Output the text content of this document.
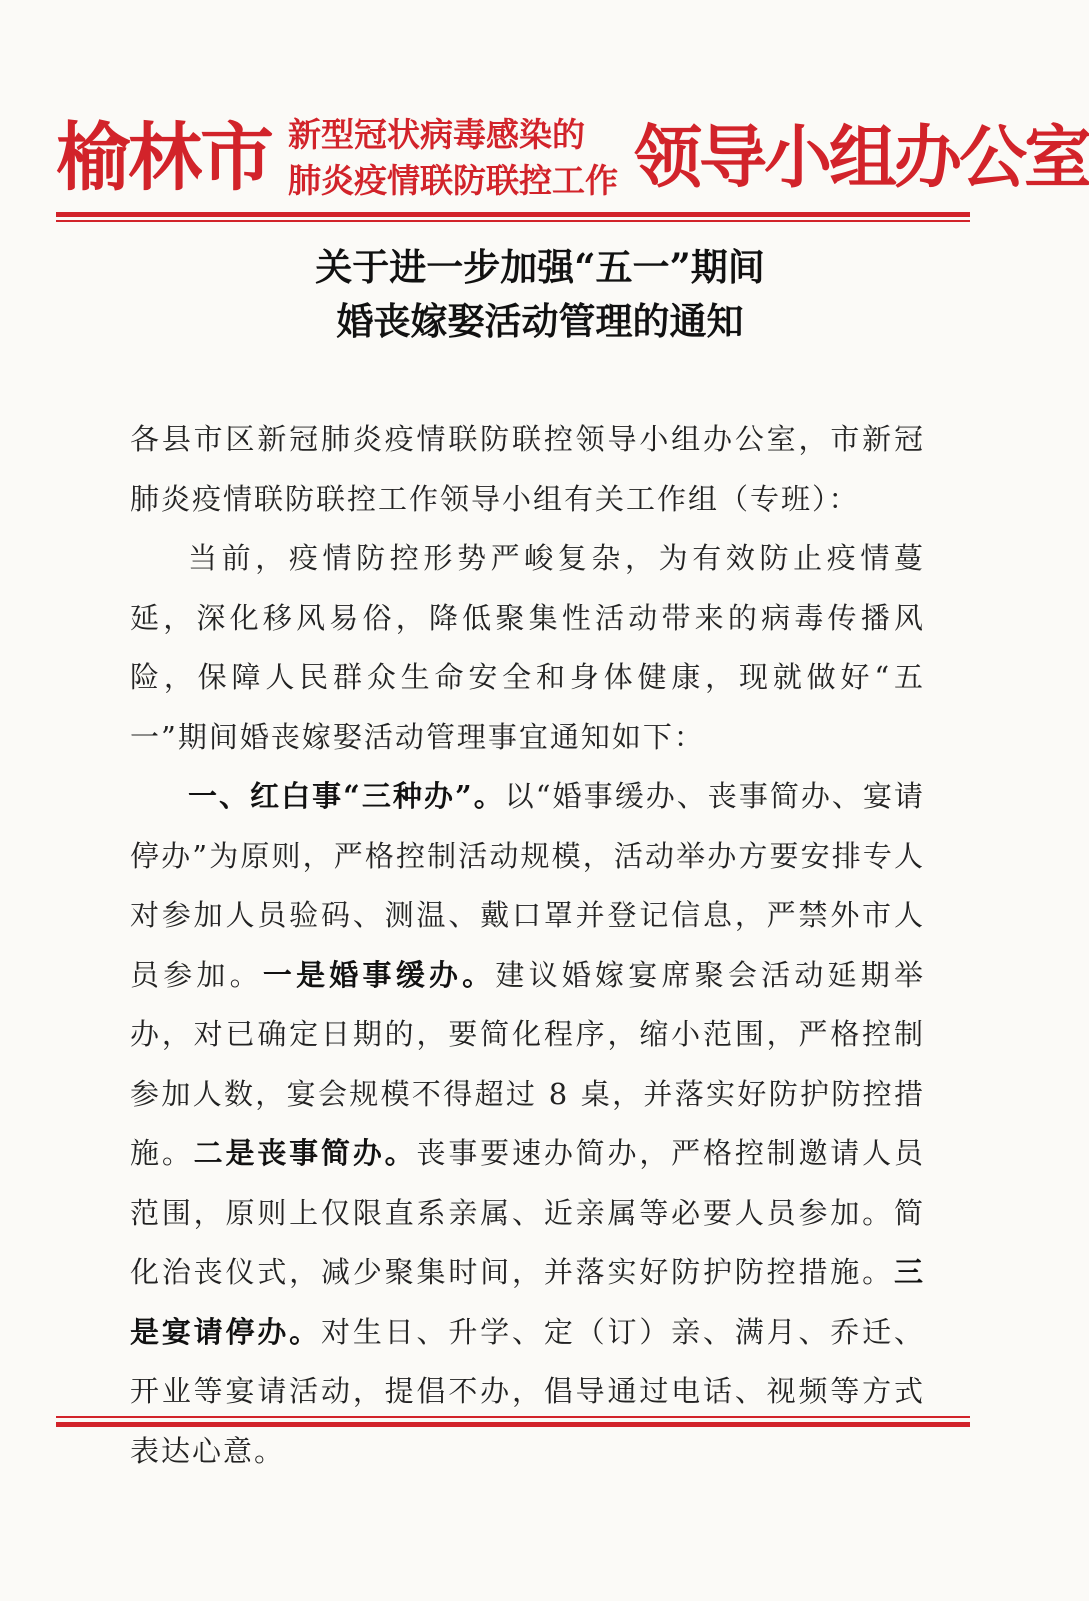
榆林市 新型冠状病毒感染的
肺炎疫情联防联控工作 领导小组办公室
关于进一步加强“五一”期间
婚丧嫁娶活动管理的通知

各县市区新冠肺炎疫情联防联控领导小组办公室，市新冠肺炎疫情联防联控工作领导小组有关工作组（专班）：

当前，疫情防控形势严峻复杂，为有效防止疫情蔓延，深化移风易俗，降低聚集性活动带来的病毒传播风险，保障人民群众生命安全和身体健康，现就做好“五一”期间婚丧嫁娶活动管理事宜通知如下：

一、红白事“三种办”。以“婚事缓办、丧事简办、宴请停办”为原则，严格控制活动规模，活动举办方要安排专人对参加人员验码、测温、戴口罩并登记信息，严禁外市人员参加。一是婚事缓办。建议婚嫁宴席聚会活动延期举办，对已确定日期的，要简化程序，缩小范围，严格控制参加人数，宴会规模不得超过 8 桌，并落实好防护防控措施。二是丧事简办。丧事要速办简办，严格控制邀请人员范围，原则上仅限直系亲属、近亲属等必要人员参加。简化治丧仪式，减少聚集时间，并落实好防护防控措施。三是宴请停办。对生日、升学、定（订）亲、满月、乔迁、开业等宴请活动，提倡不办，倡导通过电话、视频等方式表达心意。
